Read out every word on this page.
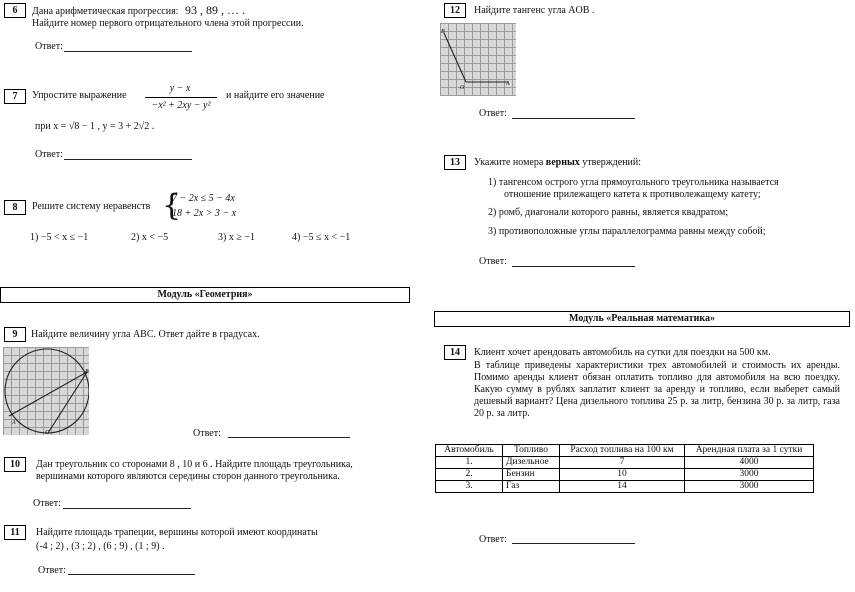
6	Дана арифметическая прогрессия: 93 , 89 , … .
Найдите номер первого отрицательного члена этой прогрессии.
Ответ:
7	Упростите выражение
y − x
−x² + 2xy − y²
и найдите его значение
при x = √8 − 1 , y = 3 + 2√2 .
Ответ:
8	Решите систему неравенств {
7 − 2x ≤ 5 − 4x
18 + 2x > 3 − x
1) −5 < x ≤ −1	2) x < −5	3) x ≥ −1	4) −5 ≤ x < −1
Модуль «Геометрия»
9	Найдите величину угла ABC. Ответ дайте в градусах.
A
B
C	Ответ:
10	Дан треугольник со сторонами 8 , 10 и 6 . Найдите площадь треугольника,
вершинами которого являются середины сторон данного треугольника.
Ответ:
11	Найдите площадь трапеции, вершины которой имеют координаты
(-4 ; 2) , (3 ; 2) , (6 ; 9) , (1 ; 9) .
Ответ:
12	Найдите тангенс угла AOB .
B
O
A
Ответ:
13	Укажите номера верных утверждений:
1) тангенсом острого угла прямоугольного треугольника называется
отношение прилежащего катета к противолежащему катету;
2) ромб, диагонали которого равны, является квадратом;
3) противоположные углы параллелограмма равны между собой;
Ответ:
Модуль «Реальная математика»
14	Клиент хочет арендовать автомобиль на сутки для поездки на 500 км.
В таблице приведены характеристики трех автомобилей и стоимость их аренды. Помимо аренды клиент обязан оплатить топливо для автомобиля на всю поездку. Какую сумму в рублях заплатит клиент за аренду и топливо, если выберет самый дешевый вариант? Цена дизельного топлива 25 р. за литр, бензина 30 р. за литр, газа 20 р. за литр.
Автомобиль	Топливо	Расход топлива на 100 км	Арендная плата за 1 сутки
1.	Дизельное	7	4000
2.	Бензин	10	3000
3.	Газ	14	3000
Ответ:
